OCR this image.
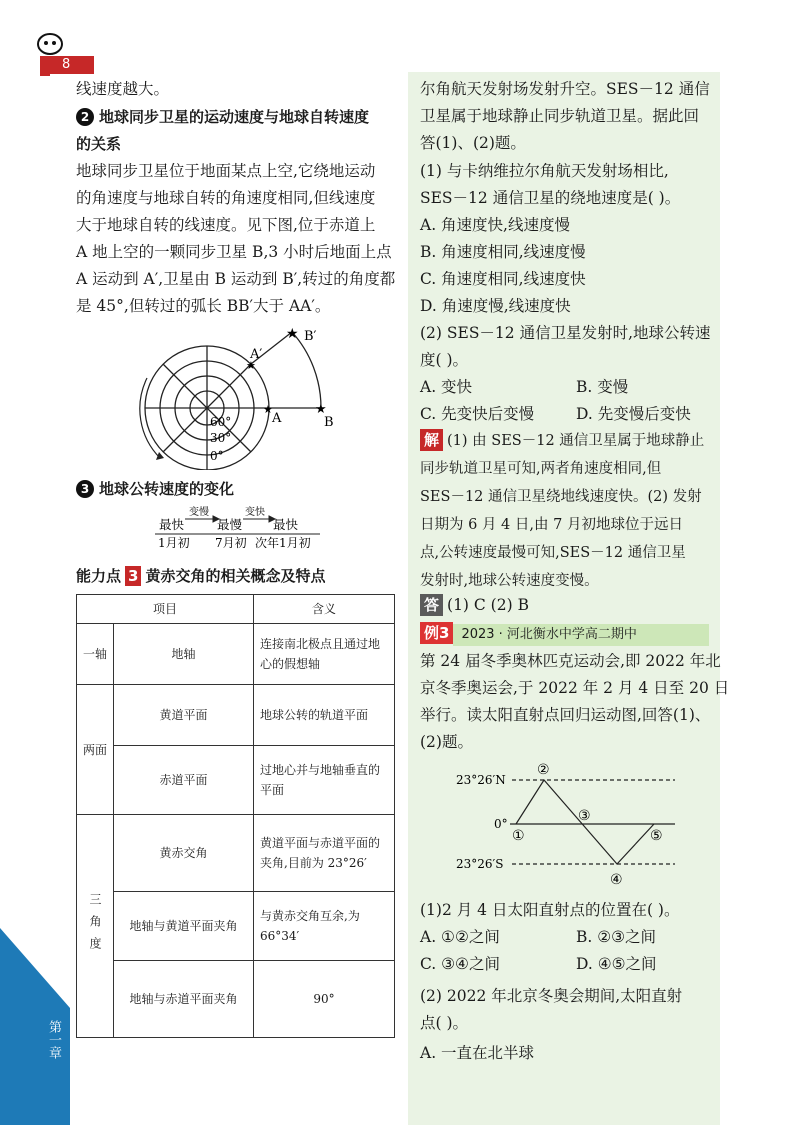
8
线速度越大。
2 地球同步卫星的运动速度与地球自转速度
的关系
地球同步卫星位于地面某点上空,它绕地运动
的角速度与地球自转的角速度相同,但线速度
大于地球自转的线速度。见下图,位于赤道上
A 地上空的一颗同步卫星 B,3 小时后地面上点
A 运动到 A′,卫星由 B 运动到 B′,转过的角度都
是 45°,但转过的弧长 BB′大于 AA′。
B′
A′
A	B
60°
30°
0°
★
★
★	★
3 地球公转速度的变化
变慢	变快
最快	最慢 最快
1月初 7月初 次年1月初
能力点 3 黄赤交角的相关概念及特点
项目		含义
一轴	地轴	连接南北极点且通过地心的假想轴
两面	黄道平面	地球公转的轨道平面
	赤道平面	过地心并与地轴垂直的平面
三角度	黄赤交角	黄道平面与赤道平面的夹角,目前为 23°26′
	地轴与黄道平面夹角	与黄赤交角互余,为 66°34′
	地轴与赤道平面夹角	90°
第一章
尔角航天发射场发射升空。SES－12 通信
卫星属于地球静止同步轨道卫星。据此回
答(1)、(2)题。
(1) 与卡纳维拉尔角航天发射场相比,
SES－12 通信卫星的绕地速度是( )。
A. 角速度快,线速度慢
B. 角速度相同,线速度慢
C. 角速度相同,线速度快
D. 角速度慢,线速度快
(2) SES－12 通信卫星发射时,地球公转速
度( )。
A. 变快	B. 变慢
C. 先变快后变慢	D. 先变慢后变快
解 (1) 由 SES－12 通信卫星属于地球静止
同步轨道卫星可知,两者角速度相同,但
SES－12 通信卫星绕地线速度快。(2) 发射
日期为 6 月 4 日,由 7 月初地球位于远日
点,公转速度最慢可知,SES－12 通信卫星
发射时,地球公转速度变慢。
答 (1) C (2) B
例3 2023 · 河北衡水中学高二期中
第 24 届冬季奥林匹克运动会,即 2022 年北
京冬季奥运会,于 2022 年 2 月 4 日至 20 日
举行。读太阳直射点回归运动图,回答(1)、
(2)题。
23°26′N
0°
23°26′S
①
②
③
④
⑤
(1)2 月 4 日太阳直射点的位置在( )。
A. ①②之间	B. ②③之间
C. ③④之间	D. ④⑤之间
(2) 2022 年北京冬奥会期间,太阳直射
点( )。
A. 一直在北半球
